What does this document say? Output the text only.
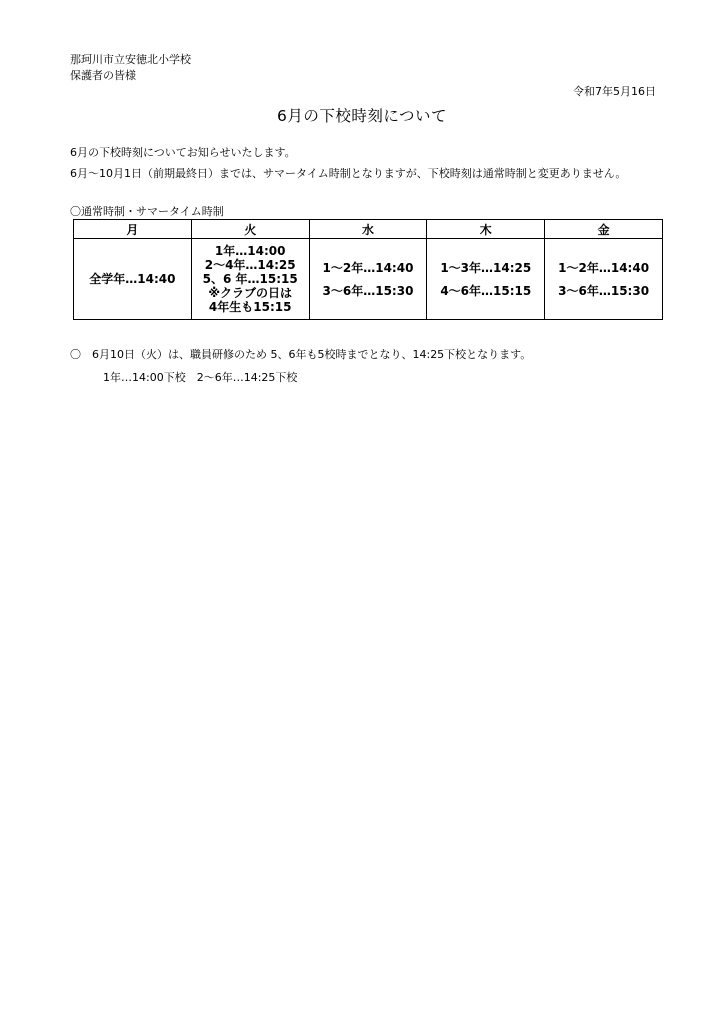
那珂川市立安徳北小学校
保護者の皆様
令和7年5月16日
6月の下校時刻について
6月の下校時刻についてお知らせいたします。
6月～10月1日（前期最終日）までは、サマータイム時制となりますが、下校時刻は通常時制と変更ありません。
〇通常時制・サマータイム時制
月	火	水	木	金

全学年…14:40	1年…14:00
2～4年…14:25
5、6 年…15:15
※クラブの日は
4年生も15:15	1～2年…14:40
3～6年…15:30	1～3年…14:25
4～6年…15:15	1～2年…14:40
3～6年…15:30
〇　6月10日（火）は、職員研修のため 5、6年も5校時までとなり、14:25下校となります。
1年…14:00下校　2～6年…14:25下校
